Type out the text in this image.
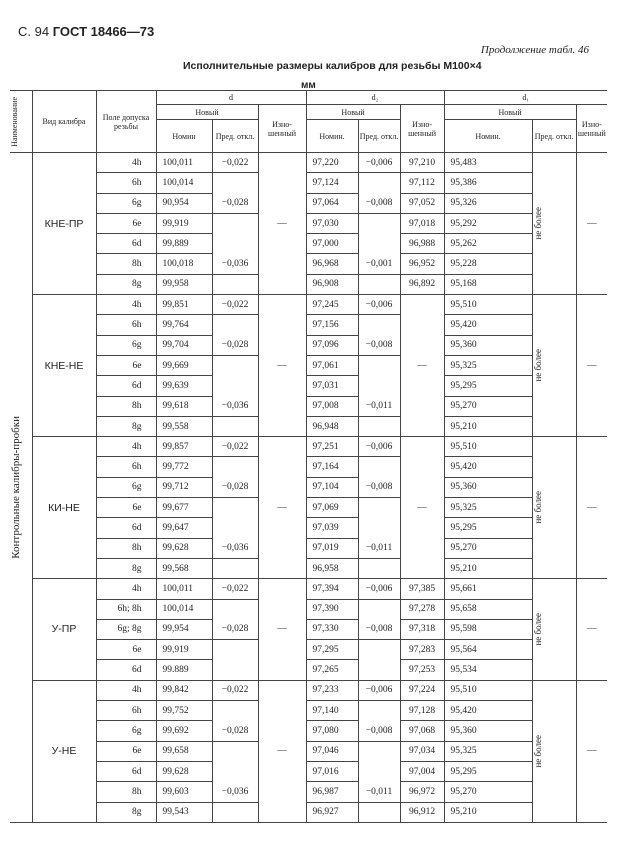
С. 94 ГОСТ 18466—73
Продолжение табл. 46
Исполнительные размеры калибров для резьбы М100×4
мм
Наименование	Вид калибра	Поле допуска резьбы	d			d₂			d₁		
			Новый		Изно-шенный	Новый		Изно-шенный	Новый		Изно-шенный
			Номин	Пред. откл.		Номин.	Пред. откл.		Номин.	Пред. откл.	

Контрольные калибры-пробки	КНЕ-ПР	4h	100,011	−0,022	—	97,220	−0,006	97,210	95,483	не более	—
		6h	100,014			97,124		97,112	95,386		
		6g	90,954	−0,028		97,064	−0,008	97,052	95,326		
		6e	99,919			97,030		97,018	95,292		
		6d	99,889			97,000		96,988	95,262		
		8h	100,018	−0,036		96,968	−0,001	96,952	95,228		
		8g	99,958			96,908		96,892	95,168		
	КНЕ-НЕ	4h	99,851	−0,022	—	97,245	−0,006	—	95,510	не более	—
		6h	99,764			97,156			95,420		
		6g	99,704	−0,028		97,096	−0,008		95,360		
		6e	99,669			97,061			95,325		
		6d	99,639			97,031			95,295		
		8h	99,618	−0,036		97,008	−0,011		95,270		
		8g	99,558			96,948			95,210		
	КИ-НЕ	4h	99,857	−0,022	—	97,251	−0,006	—	95,510	не более	—
		6h	99,772			97,164			95,420		
		6g	99,712	−0,028		97,104	−0,008		95,360		
		6e	99,677			97,069			95,325		
		6d	99,647			97,039			95,295		
		8h	99,628	−0,036		97,019	−0,011		95,270		
		8g	99,568			96,958			95,210		
	У-ПР	4h	100,011	−0,022	—	97,394	−0,006	97,385	95,661	не более	—
		6h; 8h	100,014			97,390		97,278	95,658		
		6g; 8g	99,954	−0,028		97,330	−0,008	97,318	95,598		
		6e	99,919			97,295		97,283	95,564		
		6d	99.889			97,265		97,253	95,534		
	У-НЕ	4h	99,842	−0,022	—	97,233	−0,006	97,224	95,510	не более	—
		6h	99,752			97,140		97,128	95,420		
		6g	99,692	−0,028		97,080	−0,008	97,068	95,360		
		6e	99,658			97,046		97,034	95,325		
		6d	99,628			97,016		97,004	95,295		
		8h	99,603	−0,036		96,987	−0,011	96,972	95,270		
		8g	99,543			96,927		96,912	95,210		
